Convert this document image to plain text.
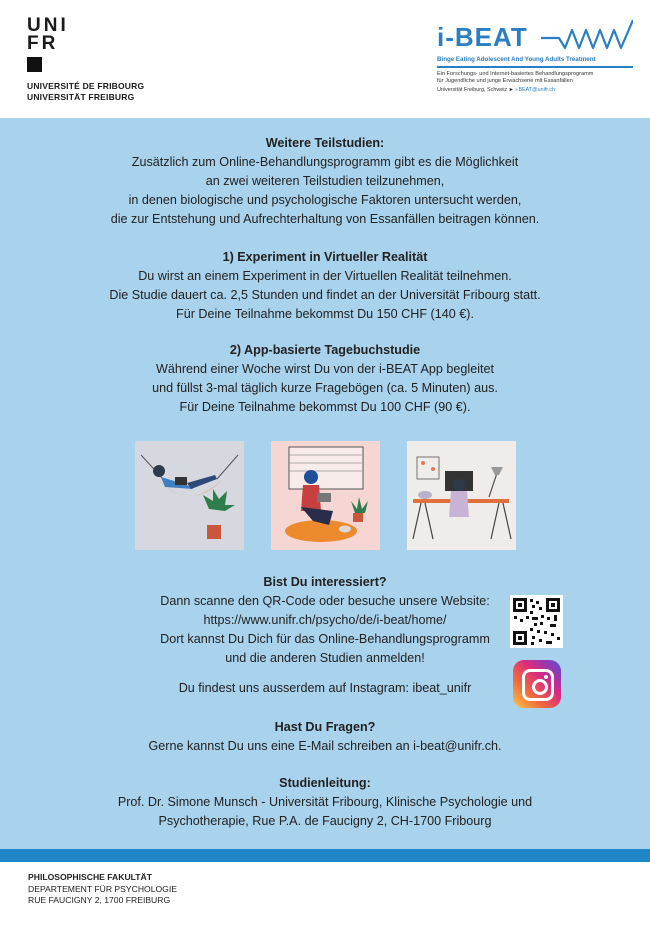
UNI
FR
UNIVERSITÉ DE FRIBOURG
UNIVERSITÄT FREIBURG
i-BEAT
Binge Eating Adolescent And Young Adults Treatment
Ein Forschungs- und Internet-basiertes Behandlungsprogramm
für Jugendliche und junge Erwachsene mit Essanfällen
Universität Freiburg, Schweiz ► i-BEAT@unifr.ch
Weitere Teilstudien:
Zusätzlich zum Online-Behandlungsprogramm gibt es die Möglichkeit
an zwei weiteren Teilstudien teilzunehmen,
in denen biologische und psychologische Faktoren untersucht werden,
die zur Entstehung und Aufrechterhaltung von Essanfällen beitragen können.
1) Experiment in Virtueller Realität
Du wirst an einem Experiment in der Virtuellen Realität teilnehmen.
Die Studie dauert ca. 2,5 Stunden und findet an der Universität Fribourg statt.
Für Deine Teilnahme bekommst Du 150 CHF (140 €).
2) App-basierte Tagebuchstudie
Während einer Woche wirst Du von der i-BEAT App begleitet
und füllst 3-mal täglich kurze Fragebögen (ca. 5 Minuten) aus.
Für Deine Teilnahme bekommst Du 100 CHF (90 €).
Bist Du interessiert?
Dann scanne den QR-Code oder besuche unsere Website:
https://www.unifr.ch/psycho/de/i-beat/home/
Dort kannst Du Dich für das Online-Behandlungsprogramm
und die anderen Studien anmelden!
Du findest uns ausserdem auf Instagram: ibeat_unifr
Hast Du Fragen?
Gerne kannst Du uns eine E-Mail schreiben an i-beat@unifr.ch.
Studienleitung:
Prof. Dr. Simone Munsch - Universität Fribourg, Klinische Psychologie und
Psychotherapie, Rue P.A. de Faucigny 2, CH-1700 Fribourg
PHILOSOPHISCHE FAKULTÄT
DEPARTEMENT FÜR PSYCHOLOGIE
RUE FAUCIGNY 2, 1700 FREIBURG
